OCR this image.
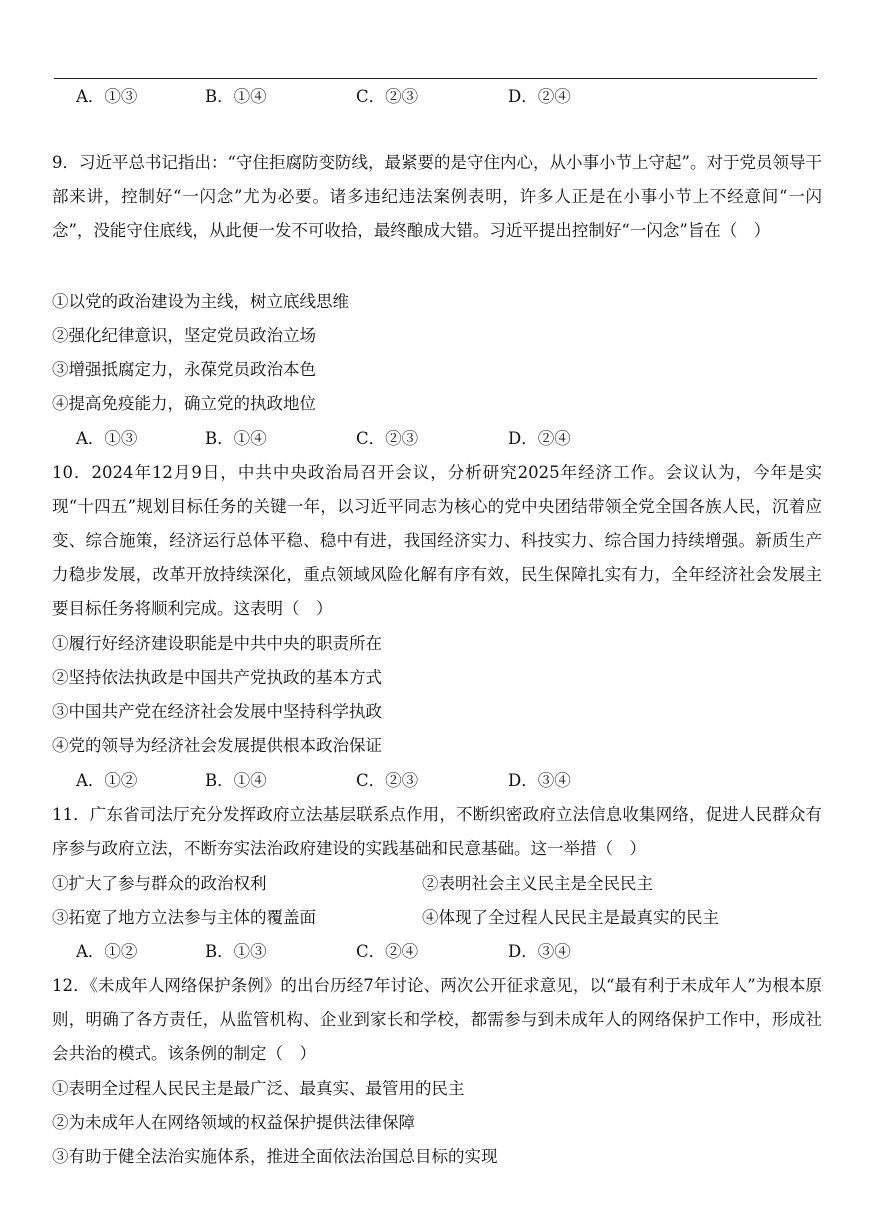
A．①③	B．①④	C．②③	D．②④
9．习近平总书记指出：“守住拒腐防变防线，最紧要的是守住内心，从小事小节上守起”。对于党员领导干部来讲，控制好“一闪念”尤为必要。诸多违纪违法案例表明，许多人正是在小事小节上不经意间“一闪念”，没能守住底线，从此便一发不可收拾，最终酿成大错。习近平提出控制好“一闪念”旨在（　）
①以党的政治建设为主线，树立底线思维
②强化纪律意识，坚定党员政治立场
③增强抵腐定力，永葆党员政治本色
④提高免疫能力，确立党的执政地位
A．①③	B．①④	C．②③	D．②④
10．2024年12月9日，中共中央政治局召开会议，分析研究2025年经济工作。会议认为，今年是实现“十四五”规划目标任务的关键一年，以习近平同志为核心的党中央团结带领全党全国各族人民，沉着应变、综合施策，经济运行总体平稳、稳中有进，我国经济实力、科技实力、综合国力持续增强。新质生产力稳步发展，改革开放持续深化，重点领域风险化解有序有效，民生保障扎实有力，全年经济社会发展主要目标任务将顺利完成。这表明（　）
①履行好经济建设职能是中共中央的职责所在
②坚持依法执政是中国共产党执政的基本方式
③中国共产党在经济社会发展中坚持科学执政
④党的领导为经济社会发展提供根本政治保证
A．①②	B．①④	C．②③	D．③④
11．广东省司法厅充分发挥政府立法基层联系点作用，不断织密政府立法信息收集网络，促进人民群众有序参与政府立法，不断夯实法治政府建设的实践基础和民意基础。这一举措（　）
①扩大了参与群众的政治权利	②表明社会主义民主是全民民主
③拓宽了地方立法参与主体的覆盖面	④体现了全过程人民民主是最真实的民主
A．①②	B．①③	C．②④	D．③④
12．《未成年人网络保护条例》的出台历经7年讨论、两次公开征求意见，以“最有利于未成年人”为根本原则，明确了各方责任，从监管机构、企业到家长和学校，都需参与到未成年人的网络保护工作中，形成社会共治的模式。该条例的制定（　）
①表明全过程人民民主是最广泛、最真实、最管用的民主
②为未成年人在网络领域的权益保护提供法律保障
③有助于健全法治实施体系，推进全面依法治国总目标的实现
